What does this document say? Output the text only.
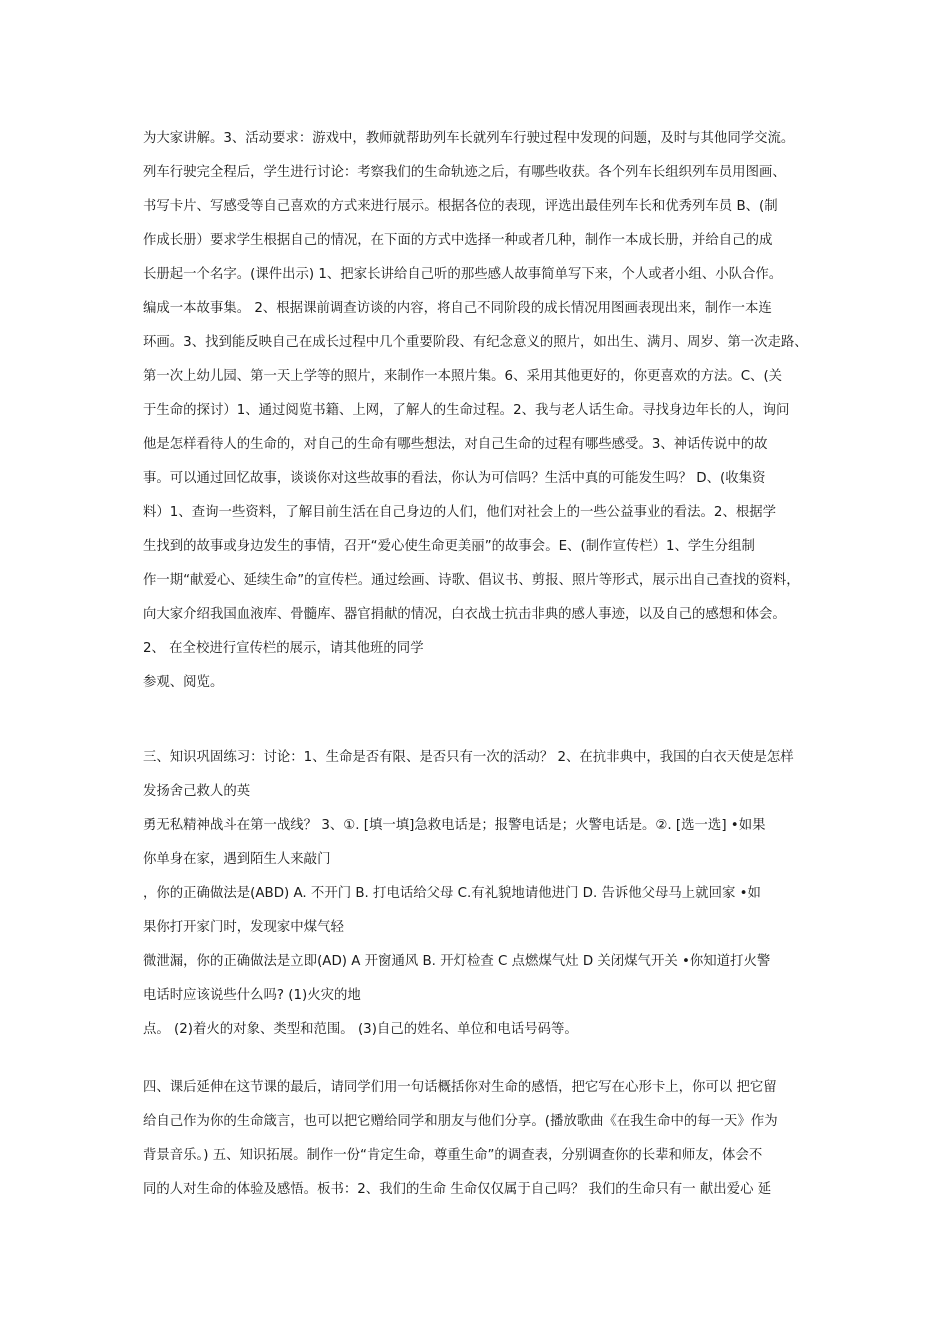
为大家讲解。3、活动要求：游戏中，教师就帮助列车长就列车行驶过程中发现的问题，及时与其他同学交流。
列车行驶完全程后，学生进行讨论：考察我们的生命轨迹之后，有哪些收获。各个列车长组织列车员用图画、
书写卡片、写感受等自己喜欢的方式来进行展示。根据各位的表现，评选出最佳列车长和优秀列车员 B、(制
作成长册）要求学生根据自己的情况，在下面的方式中选择一种或者几种，制作一本成长册，并给自己的成
长册起一个名字。(课件出示) 1、把家长讲给自己听的那些感人故事简单写下来，个人或者小组、小队合作。
编成一本故事集。 2、根据课前调查访谈的内容，将自己不同阶段的成长情况用图画表现出来，制作一本连
环画。3、找到能反映自己在成长过程中几个重要阶段、有纪念意义的照片，如出生、满月、周岁、第一次走路、
第一次上幼儿园、第一天上学等的照片，来制作一本照片集。6、采用其他更好的，你更喜欢的方法。C、(关
于生命的探讨）1、通过阅览书籍、上网，了解人的生命过程。2、我与老人话生命。寻找身边年长的人，询问
他是怎样看待人的生命的，对自己的生命有哪些想法，对自己生命的过程有哪些感受。3、神话传说中的故
事。可以通过回忆故事，谈谈你对这些故事的看法，你认为可信吗？生活中真的可能发生吗？ D、(收集资
料）1、查询一些资料，了解目前生活在自己身边的人们，他们对社会上的一些公益事业的看法。2、根据学
生找到的故事或身边发生的事情，召开“爱心使生命更美丽”的故事会。E、(制作宣传栏）1、学生分组制
作一期“献爱心、延续生命”的宣传栏。通过绘画、诗歌、倡议书、剪报、照片等形式，展示出自己查找的资料，
向大家介绍我国血液库、骨髓库、器官捐献的情况，白衣战士抗击非典的感人事迹，以及自己的感想和体会。
2、 在全校进行宣传栏的展示，请其他班的同学
参观、阅览。
三、知识巩固练习：讨论：1、生命是否有限、是否只有一次的活动？ 2、在抗非典中，我国的白衣天使是怎样
发扬舍己救人的英
勇无私精神战斗在第一战线？ 3、①. [填一填]急救电话是；报警电话是；火警电话是。②. [选一选] •如果
你单身在家，遇到陌生人来敲门
，你的正确做法是(ABD) A. 不开门 B. 打电话给父母 C.有礼貌地请他进门 D. 告诉他父母马上就回家 •如
果你打开家门时，发现家中煤气轻
微泄漏，你的正确做法是立即(AD) A 开窗通风 B. 开灯检查 C 点燃煤气灶 D 关闭煤气开关 •你知道打火警
电话时应该说些什么吗? (1)火灾的地
点。 (2)着火的对象、类型和范围。 (3)自己的姓名、单位和电话号码等。
四、课后延伸在这节课的最后，请同学们用一句话概括你对生命的感悟，把它写在心形卡上，你可以 把它留
给自己作为你的生命箴言，也可以把它赠给同学和朋友与他们分享。(播放歌曲《在我生命中的每一天》作为
背景音乐。) 五、知识拓展。制作一份“肯定生命，尊重生命”的调查表，分别调查你的长辈和师友，体会不
同的人对生命的体验及感悟。板书：2、我们的生命 生命仅仅属于自己吗？ 我们的生命只有一 献出爱心 延
